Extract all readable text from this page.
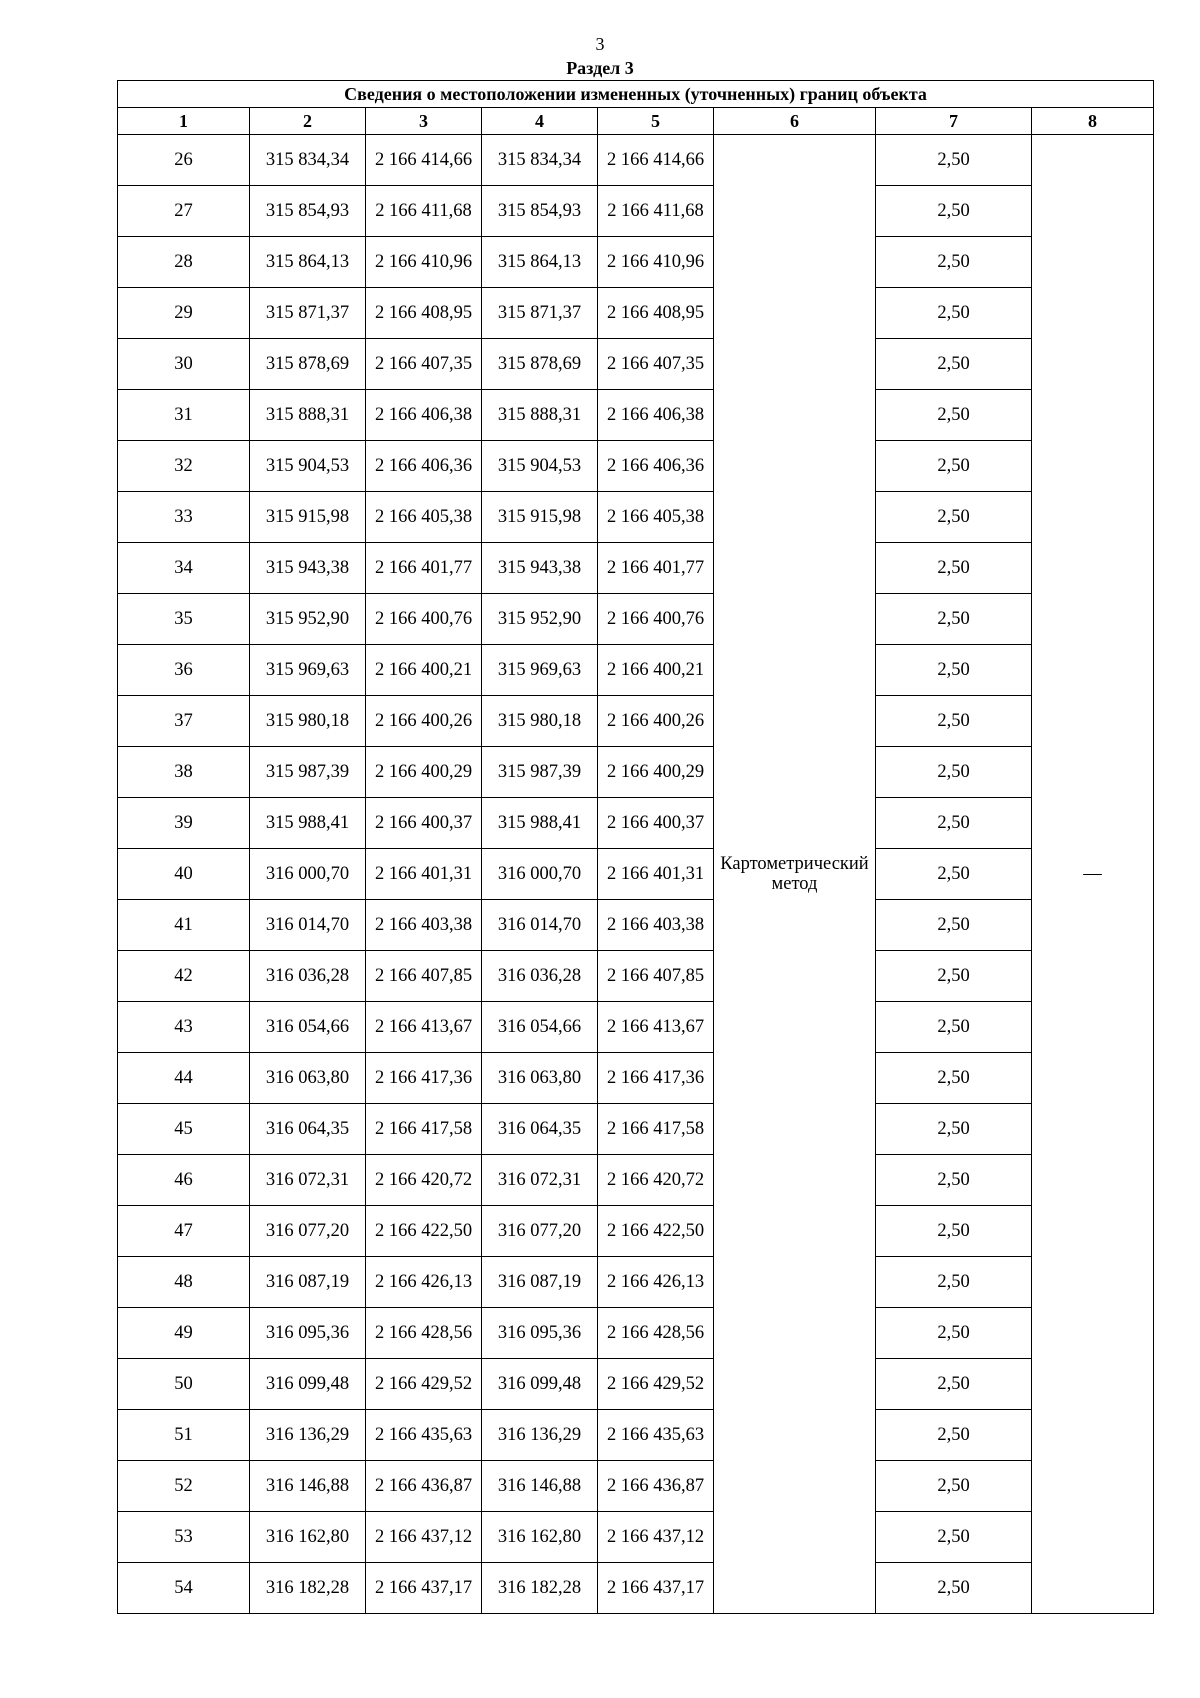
3
Раздел 3
Сведения о местоположении измененных (уточненных) границ объекта							
1	2	3	4	5	6	7	8
26	315 834,34	2 166 414,66	315 834,34	2 166 414,66	Картометрический метод	2,50	—
27	315 854,93	2 166 411,68	315 854,93	2 166 411,68		2,50	
28	315 864,13	2 166 410,96	315 864,13	2 166 410,96		2,50	
29	315 871,37	2 166 408,95	315 871,37	2 166 408,95		2,50	
30	315 878,69	2 166 407,35	315 878,69	2 166 407,35		2,50	
31	315 888,31	2 166 406,38	315 888,31	2 166 406,38		2,50	
32	315 904,53	2 166 406,36	315 904,53	2 166 406,36		2,50	
33	315 915,98	2 166 405,38	315 915,98	2 166 405,38		2,50	
34	315 943,38	2 166 401,77	315 943,38	2 166 401,77		2,50	
35	315 952,90	2 166 400,76	315 952,90	2 166 400,76		2,50	
36	315 969,63	2 166 400,21	315 969,63	2 166 400,21		2,50	
37	315 980,18	2 166 400,26	315 980,18	2 166 400,26		2,50	
38	315 987,39	2 166 400,29	315 987,39	2 166 400,29		2,50	
39	315 988,41	2 166 400,37	315 988,41	2 166 400,37		2,50	
40	316 000,70	2 166 401,31	316 000,70	2 166 401,31		2,50	
41	316 014,70	2 166 403,38	316 014,70	2 166 403,38		2,50	
42	316 036,28	2 166 407,85	316 036,28	2 166 407,85		2,50	
43	316 054,66	2 166 413,67	316 054,66	2 166 413,67		2,50	
44	316 063,80	2 166 417,36	316 063,80	2 166 417,36		2,50	
45	316 064,35	2 166 417,58	316 064,35	2 166 417,58		2,50	
46	316 072,31	2 166 420,72	316 072,31	2 166 420,72		2,50	
47	316 077,20	2 166 422,50	316 077,20	2 166 422,50		2,50	
48	316 087,19	2 166 426,13	316 087,19	2 166 426,13		2,50	
49	316 095,36	2 166 428,56	316 095,36	2 166 428,56		2,50	
50	316 099,48	2 166 429,52	316 099,48	2 166 429,52		2,50	
51	316 136,29	2 166 435,63	316 136,29	2 166 435,63		2,50	
52	316 146,88	2 166 436,87	316 146,88	2 166 436,87		2,50	
53	316 162,80	2 166 437,12	316 162,80	2 166 437,12		2,50	
54	316 182,28	2 166 437,17	316 182,28	2 166 437,17		2,50	
